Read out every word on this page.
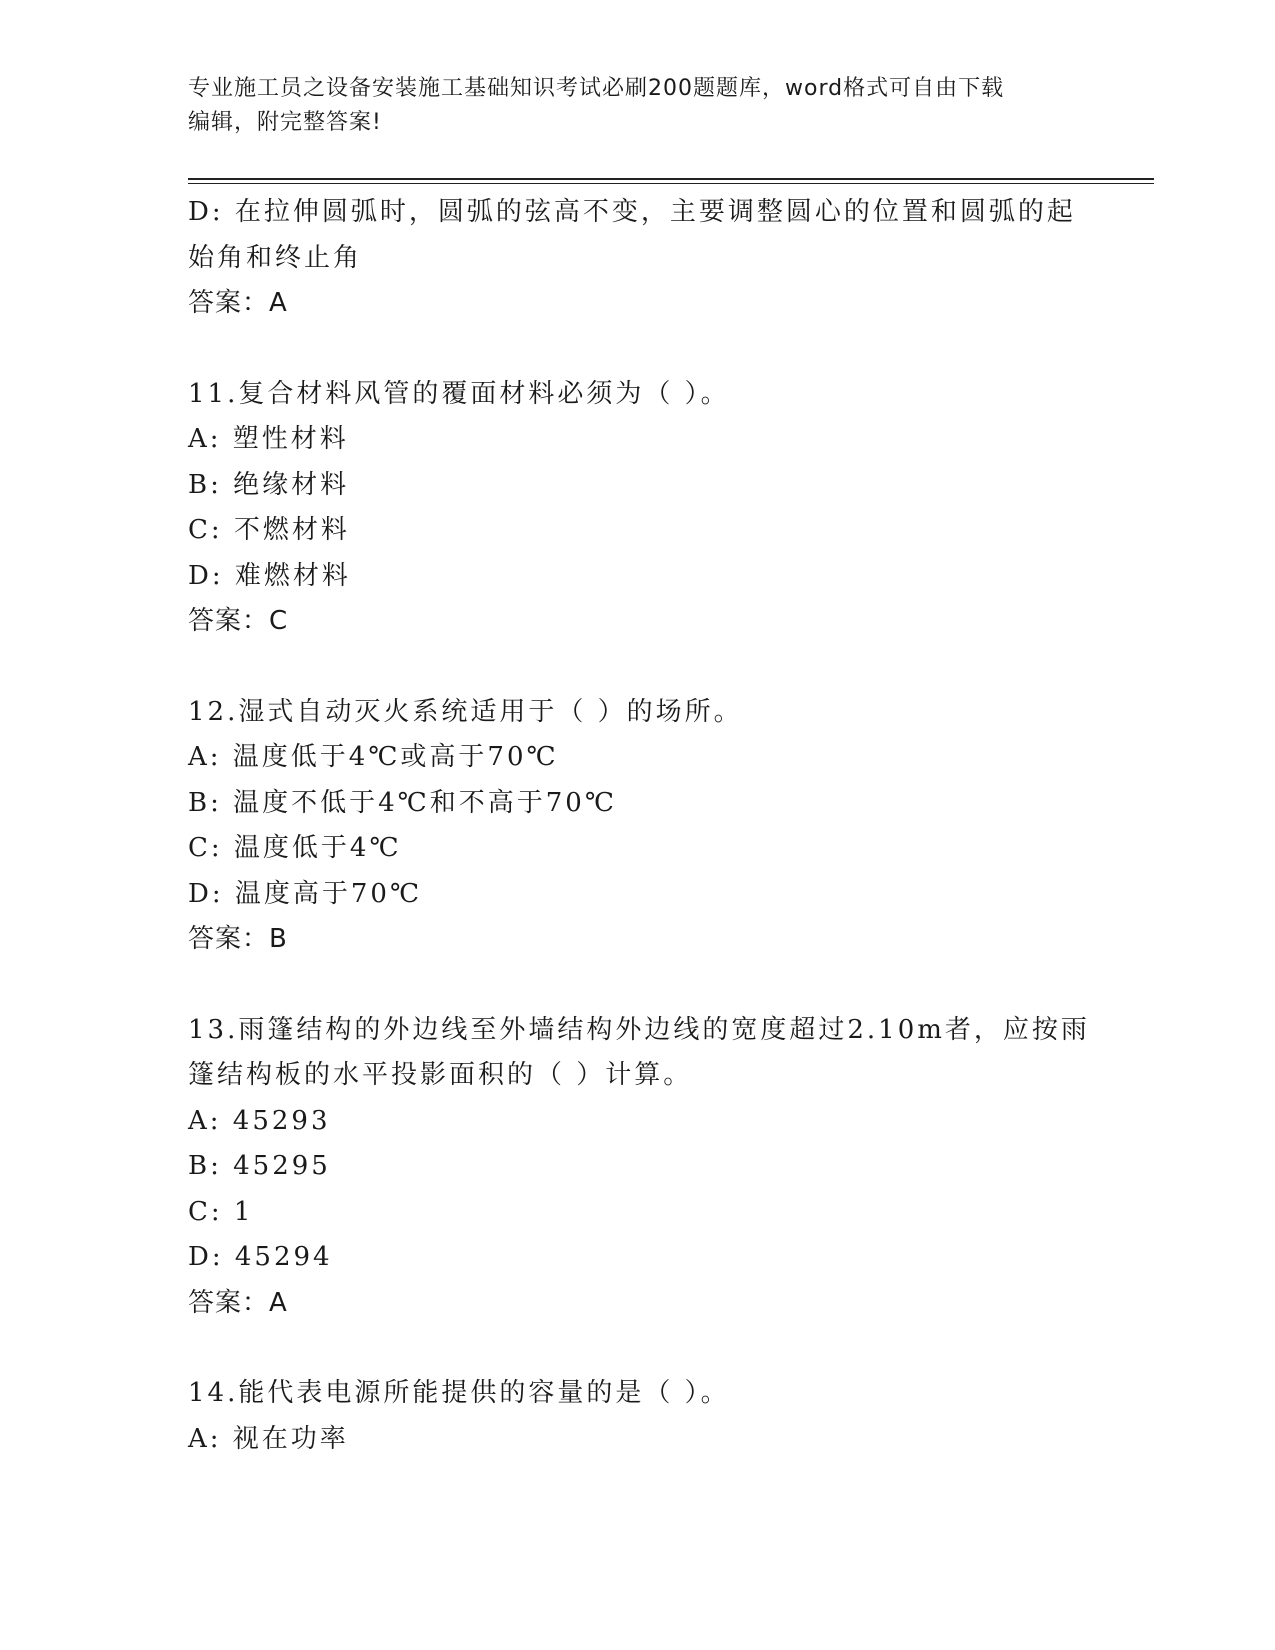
专业施工员之设备安装施工基础知识考试必刷200题题库，word格式可自由下载
编辑，附完整答案!
D: 在拉伸圆弧时，圆弧的弦高不变，主要调整圆心的位置和圆弧的起
始角和终止角
答案：A
11.复合材料风管的覆面材料必须为（ ）。
A: 塑性材料
B: 绝缘材料
C: 不燃材料
D: 难燃材料
答案：C
12.湿式自动灭火系统适用于（ ）的场所。
A: 温度低于4℃或高于70℃
B: 温度不低于4℃和不高于70℃
C: 温度低于4℃
D: 温度高于70℃
答案：B
13.雨篷结构的外边线至外墙结构外边线的宽度超过2.10m者，应按雨
篷结构板的水平投影面积的（ ）计算。
A: 45293
B: 45295
C: 1
D: 45294
答案：A
14.能代表电源所能提供的容量的是（ ）。
A: 视在功率
